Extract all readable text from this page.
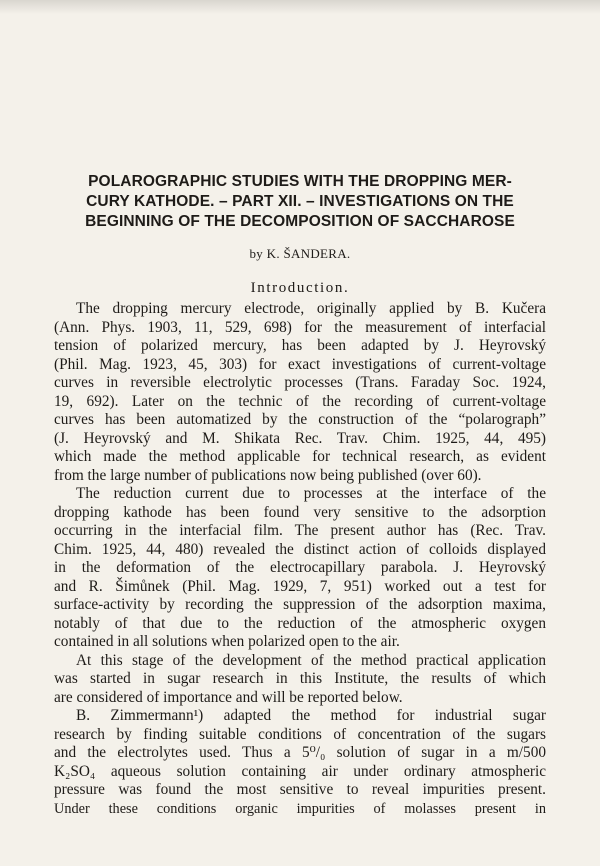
POLAROGRAPHIC STUDIES WITH THE DROPPING MER-
CURY KATHODE. – PART XII. – INVESTIGATIONS ON THE
BEGINNING OF THE DECOMPOSITION OF SACCHAROSE
by K. ŠANDERA.
Introduction.
The dropping mercury electrode, originally applied by B. Kučera
(Ann. Phys. 1903, 11, 529, 698) for the measurement of interfacial
tension of polarized mercury, has been adapted by J. Heyrovský
(Phil. Mag. 1923, 45, 303) for exact investigations of current-voltage
curves in reversible electrolytic processes (Trans. Faraday Soc. 1924,
19, 692). Later on the technic of the recording of current-voltage
curves has been automatized by the construction of the “polarograph”
(J. Heyrovský and M. Shikata Rec. Trav. Chim. 1925, 44, 495)
which made the method applicable for technical research, as evident
from the large number of publications now being published (over 60).
The reduction current due to processes at the interface of the
dropping kathode has been found very sensitive to the adsorption
occurring in the interfacial film. The present author has (Rec. Trav.
Chim. 1925, 44, 480) revealed the distinct action of colloids displayed
in the deformation of the electrocapillary parabola. J. Heyrovský
and R. Šimůnek (Phil. Mag. 1929, 7, 951) worked out a test for
surface-activity by recording the suppression of the adsorption maxima,
notably of that due to the reduction of the atmospheric oxygen
contained in all solutions when polarized open to the air.
At this stage of the development of the method practical application
was started in sugar research in this Institute, the results of which
are considered of importance and will be reported below.
B. Zimmermann¹) adapted the method for industrial sugar
research by finding suitable conditions of concentration of the sugars
and the electrolytes used. Thus a 5⁰/₀ solution of sugar in a m/500
K₂SO₄ aqueous solution containing air under ordinary atmospheric
pressure was found the most sensitive to reveal impurities present.
Under these conditions organic impurities of molasses present in
